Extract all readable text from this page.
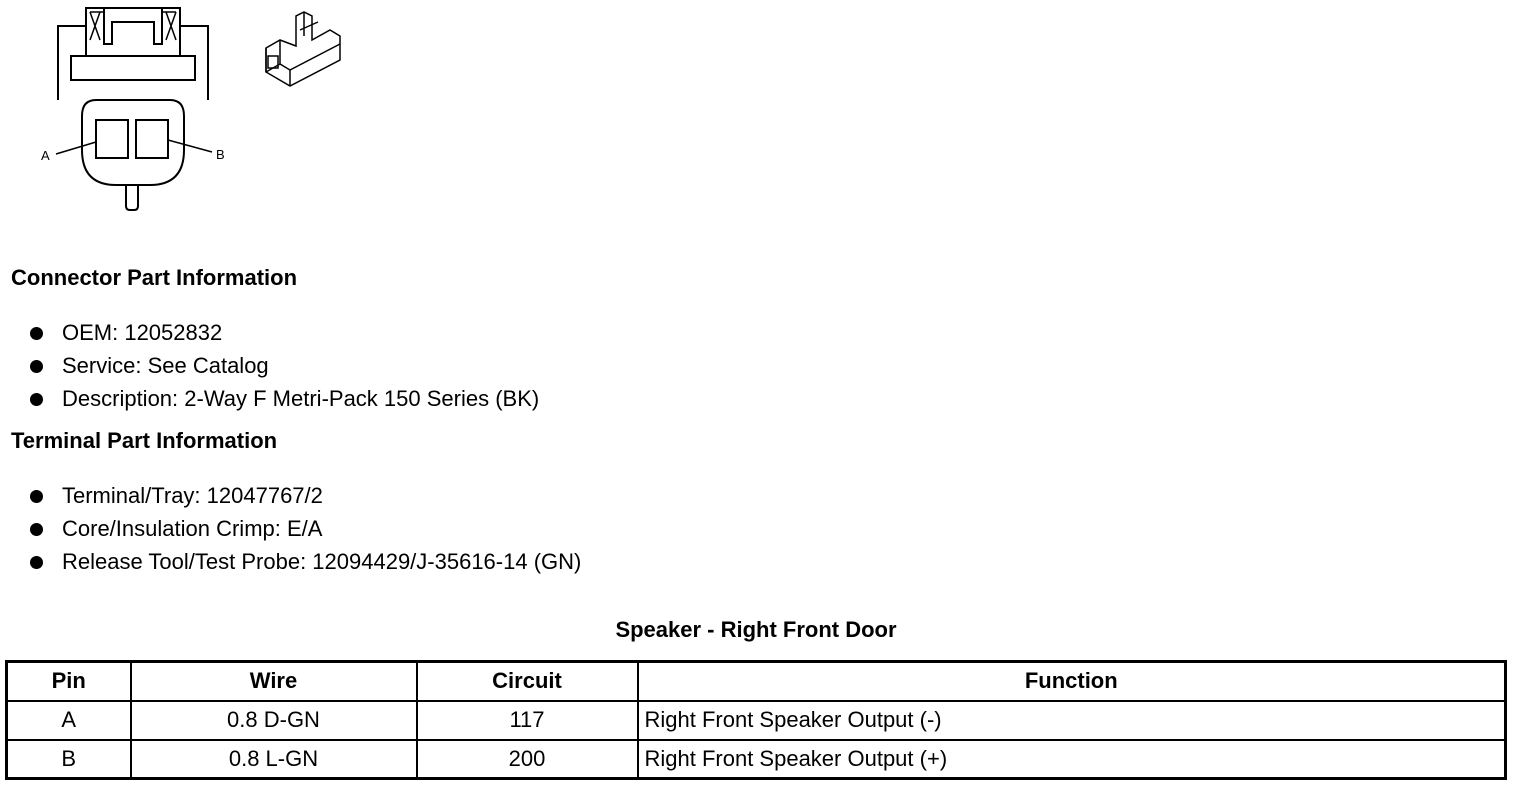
A	B
Connector Part Information
OEM: 12052832
Service: See Catalog
Description: 2-Way F Metri-Pack 150 Series (BK)
Terminal Part Information
Terminal/Tray: 12047767/2
Core/Insulation Crimp: E/A
Release Tool/Test Probe: 12094429/J-35616-14 (GN)
Speaker - Right Front Door
Pin	Wire	Circuit	Function
A	0.8 D-GN	117	Right Front Speaker Output (-)
B	0.8 L-GN	200	Right Front Speaker Output (+)
